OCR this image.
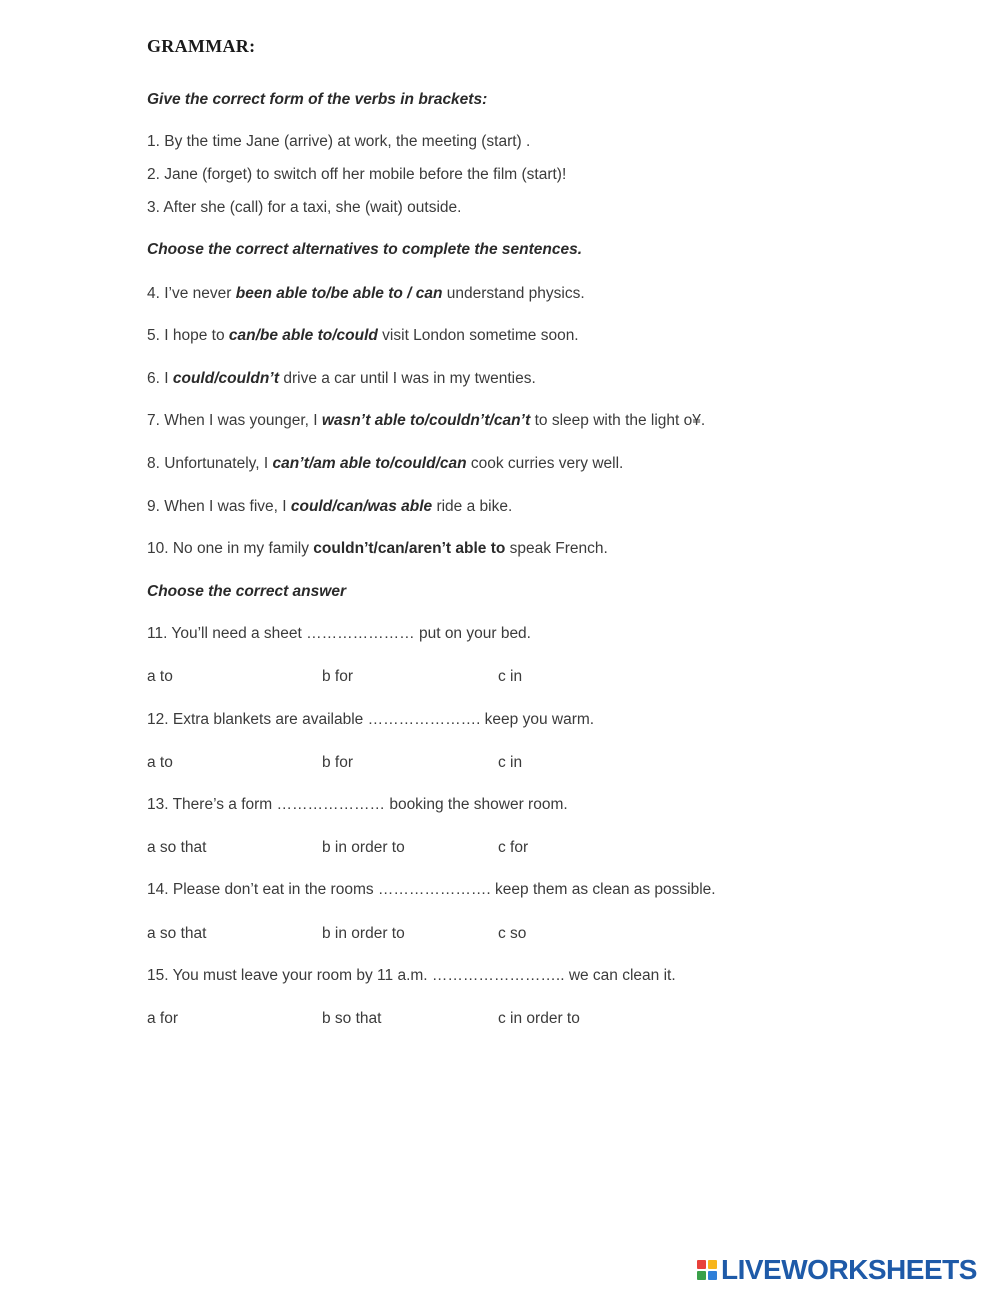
GRAMMAR:
Give the correct form of the verbs in brackets:
1. By the time Jane (arrive) at work, the meeting (start) .
2. Jane (forget) to switch off her mobile before the film (start)!
3. After she (call) for a taxi, she (wait) outside.
Choose the correct alternatives to complete the sentences.
4. I’ve never been able to/be able to / can understand physics.
5. I hope to can/be able to/could visit London sometime soon.
6. I could/couldn’t drive a car until I was in my twenties.
7. When I was younger, I wasn’t able to/couldn’t/can’t to sleep with the light o¥.
8. Unfortunately, I can’t/am able to/could/can cook curries very well.
9. When I was five, I could/can/was able ride a bike.
10. No one in my family couldn’t/can/aren’t able to speak French.
Choose the correct answer
11. You’ll need a sheet ………………… put on your bed.
a to	b for	c in
12. Extra blankets are available …………………. keep you warm.
a to	b for	c in
13. There’s a form ………………… booking the shower room.
a so that	b in order to	c for
14. Please don’t eat in the rooms …………………. keep them as clean as possible.
a so that	b in order to	c so
15. You must leave your room by 11 a.m. …………………….. we can clean it.
a for	b so that	c in order to
LIVEWORKSHEETS
